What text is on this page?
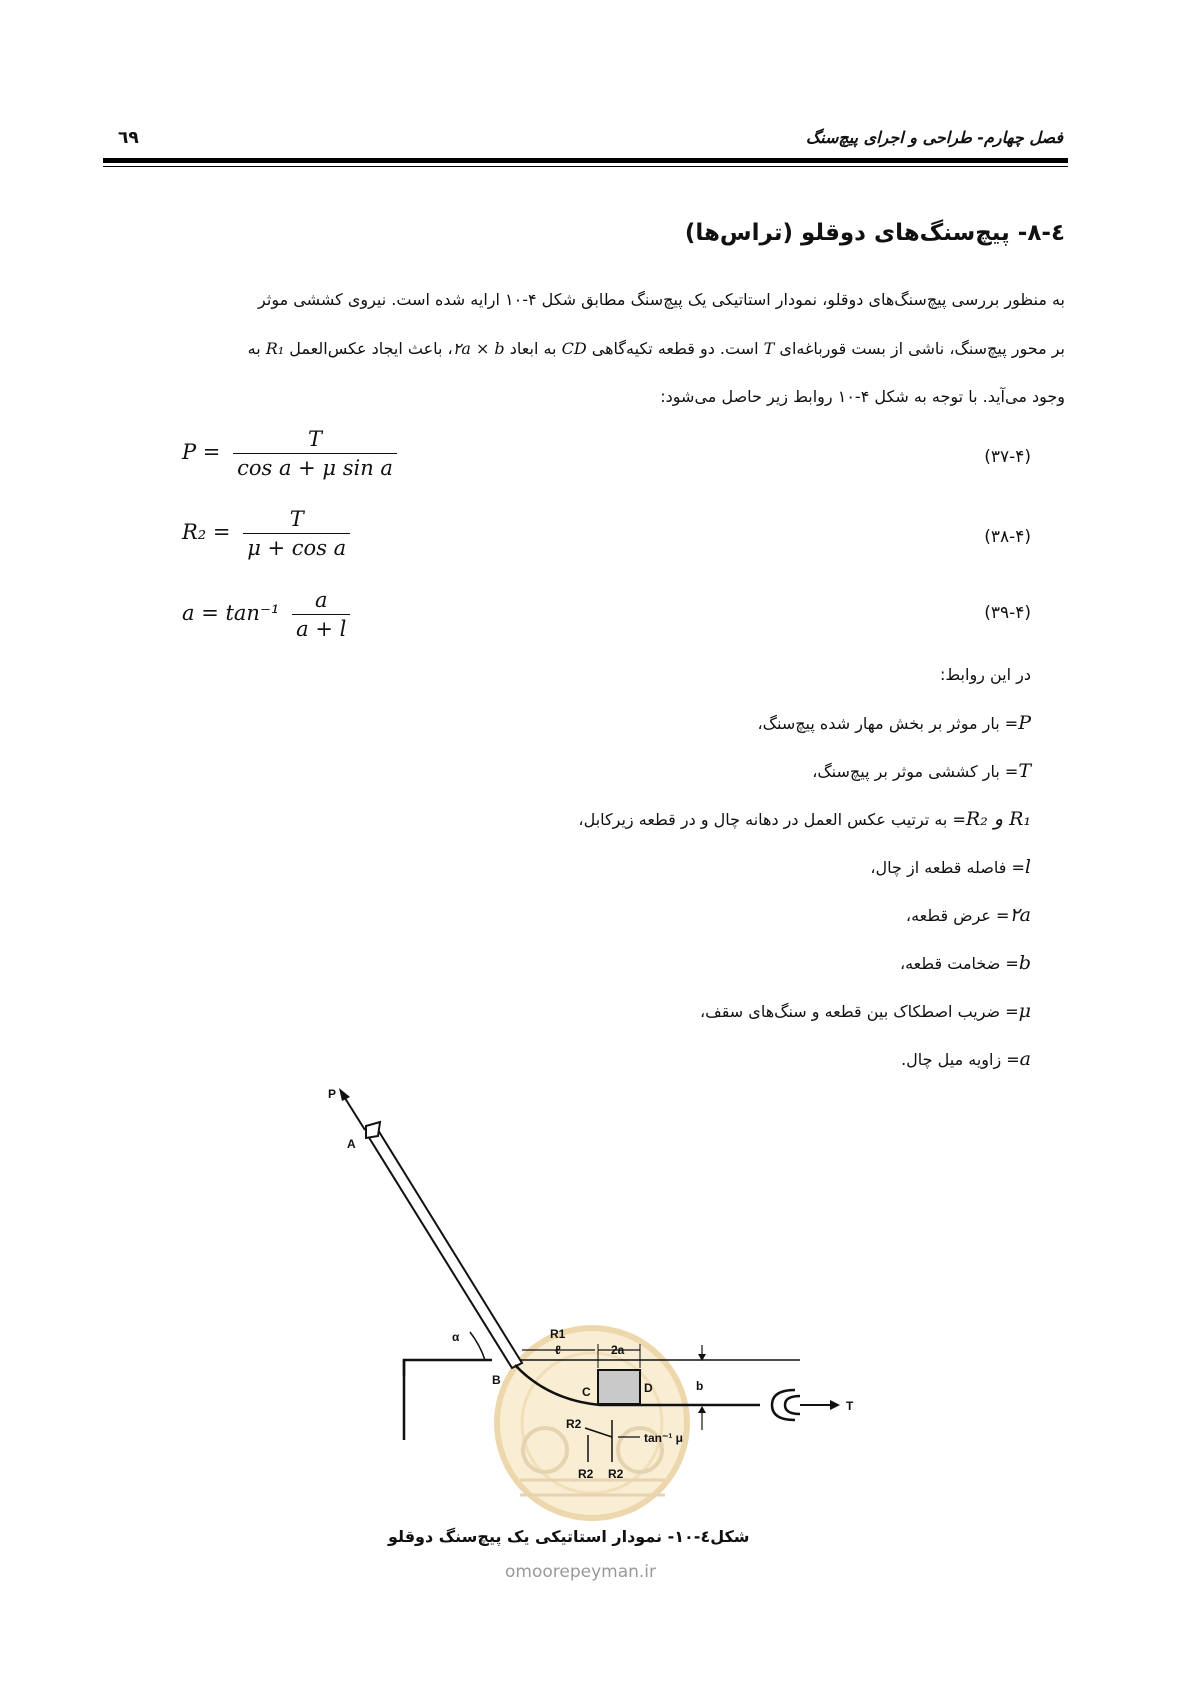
٦٩	فصل چهارم- طراحی و اجرای پیچ‌سنگ
٤-٨- پیچ‌سنگ‌های دوقلو (تراس‌ها)
به منظور بررسی پیچ‌سنگ‌های دوقلو، نمودار استاتیکی یک پیچ‌سنگ مطابق شکل ۴-۱۰ ارایه شده است. نیروی کششی موثر
بر محور پیچ‌سنگ، ناشی از بست قورباغه‌ای T است. دو قطعه تکیه‌گاهی CD به ابعاد ۲a × b، باعث ایجاد عکس‌العمل R₁ به
وجود می‌آید. با توجه به شکل ۴-۱۰ روابط زیر حاصل می‌شود:
$P = \frac{T}{\text{cos a + μ sin a}}$	(۳۷-۴)
$R_2 = \frac{T}{\text{μ + cos a}}$	(۳۸-۴)
$a = \tan^{-1} \frac{a}{a + l}$	(۳۹-۴)
در این روابط:
P= بار موثر بر بخش مهار شده پیچ‌سنگ،
T= بار کششی موثر بر پیچ‌سنگ،
R₁ و R₂= به ترتیب عکس العمل در دهانه چال و در قطعه زیرکابل،
l= فاصله قطعه از چال،
۲a= عرض قطعه،
b= ضخامت قطعه،
μ= ضریب اصطکاک بین قطعه و سنگ‌های سقف،
a= زاویه میل چال.
P
A
α
B
R1
ℓ	2a
C	D	b
T
R2
tan⁻¹ μ
R2 R2
شکل٤-١٠- نمودار استاتیکی یک پیچ‌سنگ دوقلو
omoorepeyman.ir
